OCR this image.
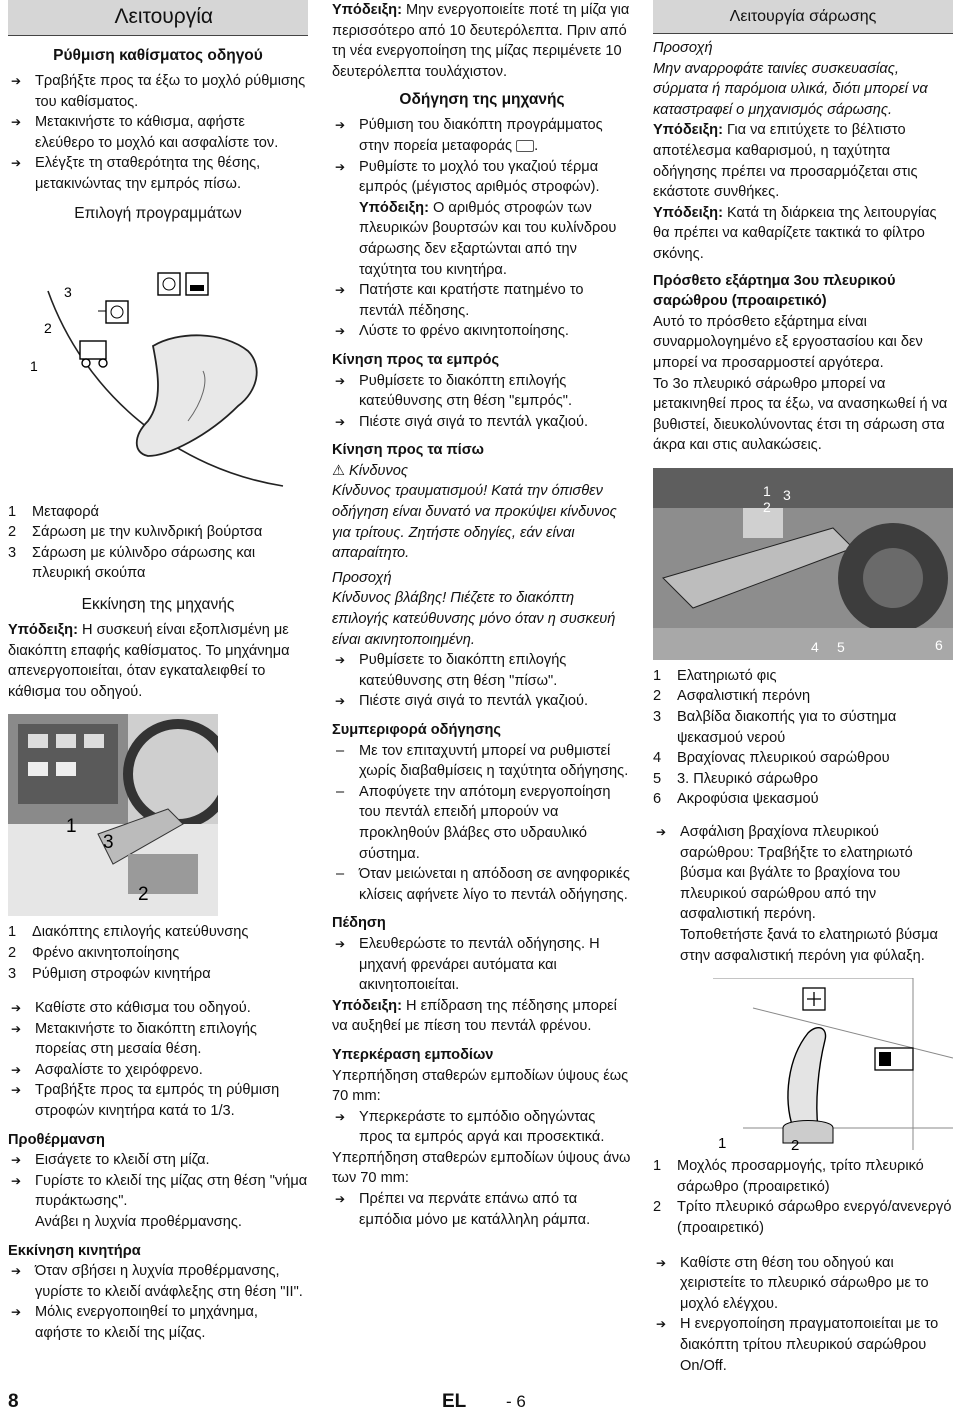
Λειτουργία
Ρύθμιση καθίσματος οδηγού
➔ Τραβήξτε προς τα έξω το μοχλό ρύθμισης του καθίσματος.
➔ Μετακινήστε το κάθισμα, αφήστε ελεύθερο το μοχλό και ασφαλίστε τον.
➔ Ελέγξτε τη σταθερότητα της θέσης, μετακινώντας την εμπρός πίσω.
Επιλογή προγραμμάτων
3
2
1
1	Μεταφορά
2	Σάρωση με την κυλινδρική βούρτσα
3	Σάρωση με κύλινδρο σάρωσης και πλευρική σκούπα
Εκκίνηση της μηχανής

Υπόδειξη: Η συσκευή είναι εξοπλισμένη με διακόπτη επαφής καθίσματος. Το μηχάνημα απενεργοποιείται, όταν εγκαταλειφθεί το κάθισμα του οδηγού.

1
3
2
1	Διακόπτης επιλογής κατεύθυνσης
2	Φρένο ακινητοποίησης
3	Ρύθμιση στροφών κινητήρα
➔ Καθίστε στο κάθισμα του οδηγού.
➔ Μετακινήστε το διακόπτη επιλογής πορείας στη μεσαία θέση.
➔ Ασφαλίστε το χειρόφρενο.
➔ Τραβήξτε προς τα εμπρός τη ρύθμιση στροφών κινητήρα κατά το 1/3.
Προθέρμανση
➔ Εισάγετε το κλειδί στη μίζα.
➔ Γυρίστε το κλειδί της μίζας στη θέση "νήμα πυράκτωσης".
Ανάβει η λυχνία προθέρμανσης.
Εκκίνηση κινητήρα
➔ Όταν σβήσει η λυχνία προθέρμανσης, γυρίστε το κλειδί ανάφλεξης στη θέση "ΙΙ".
➔ Μόλις ενεργοποιηθεί το μηχάνημα, αφήστε το κλειδί της μίζας.

Υπόδειξη: Μην ενεργοποιείτε ποτέ τη μίζα για περισσότερο από 10 δευτερόλεπτα. Πριν από τη νέα ενεργοποίηση της μίζας περιμένετε 10 δευτερόλεπτα τουλάχιστον.

Οδήγηση της μηχανής
➔ Ρύθμιση του διακόπτη προγράμματος στην πορεία μεταφοράς .
➔ Ρυθμίστε το μοχλό του γκαζιού τέρμα εμπρός (μέγιστος αριθμός στροφών).

Υπόδειξη: Ο αριθμός στροφών των πλευρικών βουρτσών και του κυλίνδρου σάρωσης δεν εξαρτώνται από την ταχύτητα του κινητήρα.

➔ Πατήστε και κρατήστε πατημένο το πεντάλ πέδησης.
➔ Λύστε το φρένο ακινητοποίησης.
Κίνηση προς τα εμπρός
➔ Ρυθμίσετε το διακόπτη επιλογής κατεύθυνσης στη θέση "εμπρός".
➔ Πιέστε σιγά σιγά το πεντάλ γκαζιού.
Κίνηση προς τα πίσω
⚠ Κίνδυνος

Κίνδυνος τραυματισμού! Κατά την όπισθεν οδήγηση είναι δυνατό να προκύψει κίνδυνος για τρίτους. Ζητήστε οδηγίες, εάν είναι απαραίτητο.

Προσοχή

Κίνδυνος βλάβης! Πιέζετε το διακόπτη επιλογής κατεύθυνσης μόνο όταν η συσκευή είναι ακινητοποιημένη.

➔ Ρυθμίσετε το διακόπτη επιλογής κατεύθυνσης στη θέση "πίσω".
➔ Πιέστε σιγά σιγά το πεντάλ γκαζιού.
Συμπεριφορά οδήγησης
– Με τον επιταχυντή μπορεί να ρυθμιστεί χωρίς διαβαθμίσεις η ταχύτητα οδήγησης.
– Αποφύγετε την απότομη ενεργοποίηση του πεντάλ επειδή μπορούν να προκληθούν βλάβες στο υδραυλικό σύστημα.
– Όταν μειώνεται η απόδοση σε ανηφορικές κλίσεις αφήνετε λίγο το πεντάλ οδήγησης.
Πέδηση
➔ Ελευθερώστε το πεντάλ οδήγησης. Η μηχανή φρενάρει αυτόματα και ακινητοποιείται.

Υπόδειξη: Η επίδραση της πέδησης μπορεί να αυξηθεί με πίεση του πεντάλ φρένου.

Υπερκέραση εμποδίων

Υπερπήδηση σταθερών εμποδίων ύψους έως 70 mm:

➔ Υπερκεράστε το εμπόδιο οδηγώντας προς τα εμπρός αργά και προσεκτικά.

Υπερπήδηση σταθερών εμποδίων ύψους άνω των 70 mm:

➔ Πρέπει να περνάτε επάνω από τα εμπόδια μόνο με κατάλληλη ράμπα.
Λειτουργία σάρωσης
Προσοχή

Μην αναρροφάτε ταινίες συσκευασίας, σύρματα ή παρόμοια υλικά, διότι μπορεί να καταστραφεί ο μηχανισμός σάρωσης.

Υπόδειξη: Για να επιτύχετε το βέλτιστο αποτέλεσμα καθαρισμού, η ταχύτητα οδήγησης πρέπει να προσαρμόζεται στις εκάστοτε συνθήκες.

Υπόδειξη: Κατά τη διάρκεια της λειτουργίας θα πρέπει να καθαρίζετε τακτικά το φίλτρο σκόνης.

Πρόσθετο εξάρτημα 3ου πλευρικού σαρώθρου (προαιρετικό)

Αυτό το πρόσθετο εξάρτημα είναι συναρμολογημένο εξ εργοστασίου και δεν μπορεί να προσαρμοστεί αργότερα.

Το 3ο πλευρικό σάρωθρο μπορεί να μετακινηθεί προς τα έξω, να ανασηκωθεί ή να βυθιστεί, διευκολύνοντας έτσι τη σάρωση στα άκρα και στις αυλακώσεις.

1
2
3
4 5	6
1	Ελατηριωτό φις
2	Ασφαλιστική περόνη
3	Βαλβίδα διακοπής για το σύστημα ψεκασμού νερού
4	Βραχίονας πλευρικού σαρώθρου
5	3. Πλευρικό σάρωθρο
6	Ακροφύσια ψεκασμού
➔ Ασφάλιση βραχίονα πλευρικού σαρώθρου: Τραβήξτε το ελατηριωτό βύσμα και βγάλτε το βραχίονα του πλευρικού σαρώθρου από την ασφαλιστική περόνη.
Τοποθετήστε ξανά το ελατηριωτό βύσμα στην ασφαλιστική περόνη για φύλαξη.
1	2
1	Μοχλός προσαρμογής, τρίτο πλευρικό σάρωθρο (προαιρετικό)
2	Τρίτο πλευρικό σάρωθρο ενεργό/ανενεργό (προαιρετικό)
➔ Καθίστε στη θέση του οδηγού και χειριστείτε το πλευρικό σάρωθρο με το μοχλό ελέγχου.
➔ Η ενεργοποίηση πραγματοποιείται με το διακόπτη τρίτου πλευρικού σαρώθρου On/Off.
8	EL - 6
